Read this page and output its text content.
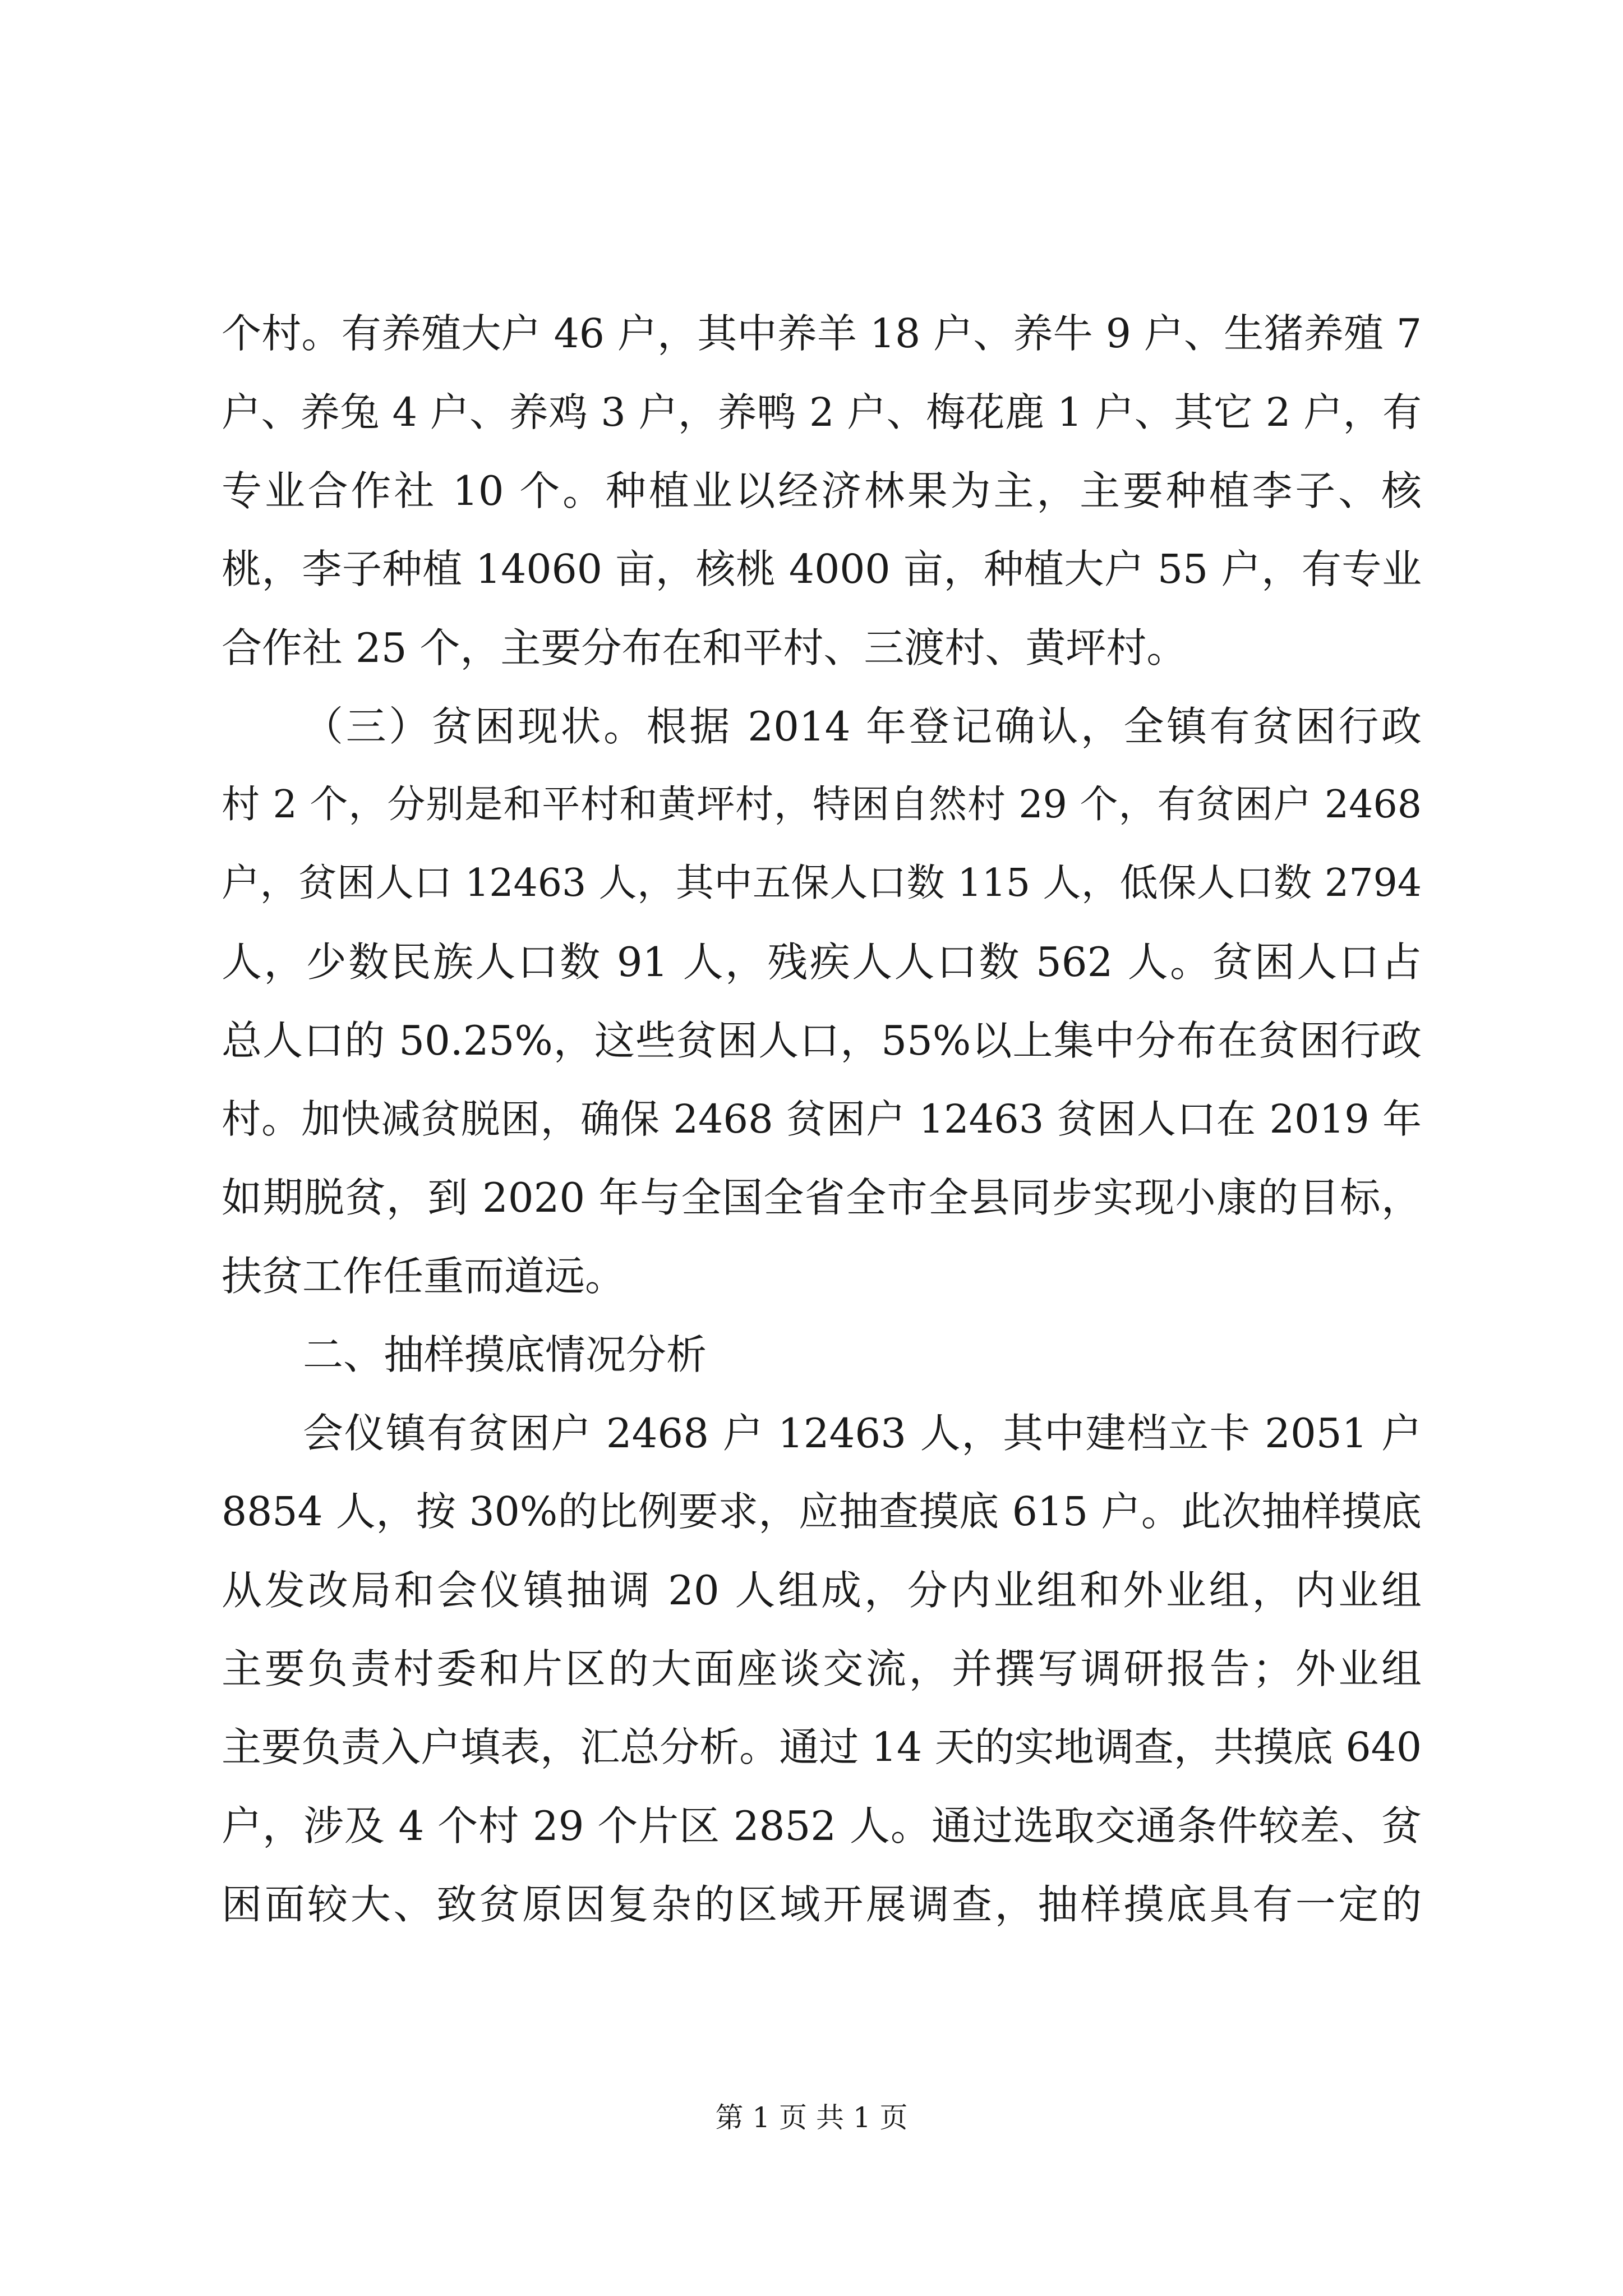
个村。有养殖大户 46 户，其中养羊 18 户、养牛 9 户、生猪养殖 7
户、养兔 4 户、养鸡 3 户，养鸭 2 户、梅花鹿 1 户、其它 2 户，有
专业合作社 10 个。种植业以经济林果为主，主要种植李子、核
桃，李子种植 14060 亩，核桃 4000 亩，种植大户 55 户，有专业
合作社 25 个，主要分布在和平村、三渡村、黄坪村。
（三）贫困现状。根据 2014 年登记确认，全镇有贫困行政
村 2 个，分别是和平村和黄坪村，特困自然村 29 个，有贫困户 2468
户，贫困人口 12463 人，其中五保人口数 115 人，低保人口数 2794
人，少数民族人口数 91 人，残疾人人口数 562 人。贫困人口占
总人口的 50.25%，这些贫困人口，55%以上集中分布在贫困行政
村。加快减贫脱困，确保 2468 贫困户 12463 贫困人口在 2019 年
如期脱贫，到 2020 年与全国全省全市全县同步实现小康的目标，
扶贫工作任重而道远。
二、抽样摸底情况分析
会仪镇有贫困户 2468 户 12463 人，其中建档立卡 2051 户
8854 人，按 30%的比例要求，应抽查摸底 615 户。此次抽样摸底
从发改局和会仪镇抽调 20 人组成，分内业组和外业组，内业组
主要负责村委和片区的大面座谈交流，并撰写调研报告；外业组
主要负责入户填表，汇总分析。通过 14 天的实地调查，共摸底 640
户，涉及 4 个村 29 个片区 2852 人。通过选取交通条件较差、贫
困面较大、致贫原因复杂的区域开展调查，抽样摸底具有一定的
第 1 页 共 1 页
